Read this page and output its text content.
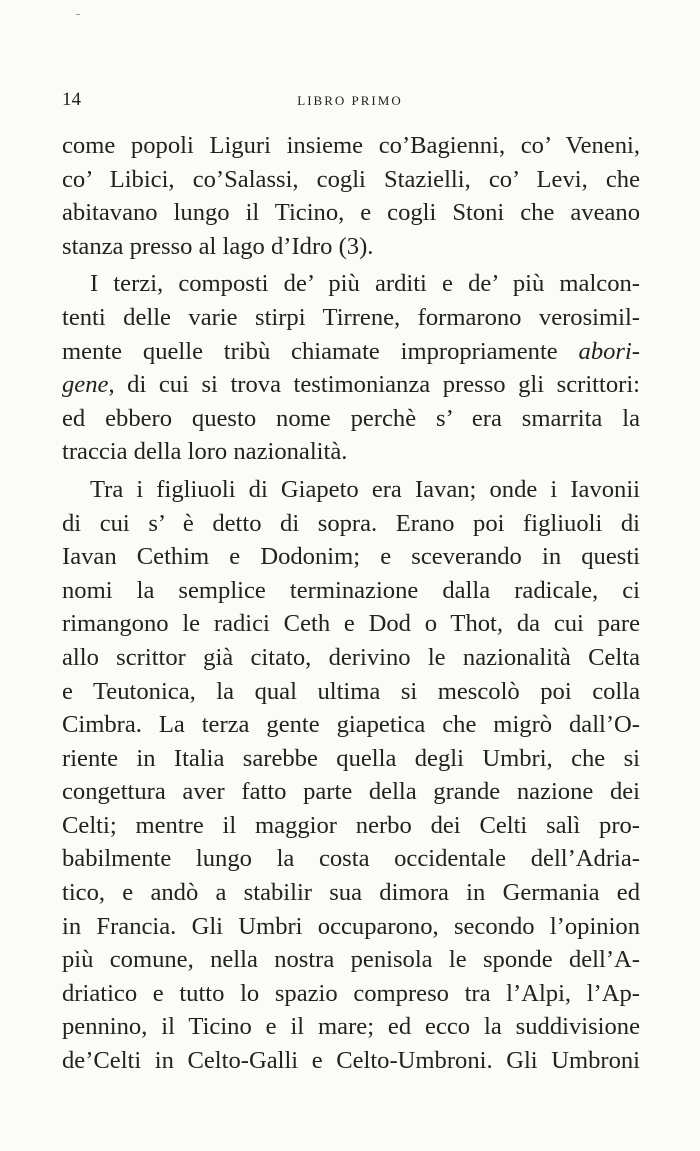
14	LIBRO PRIMO
come popoli Liguri insieme co’Bagienni, co’ Veneni,
co’ Libici, co’Salassi, cogli Stazielli, co’ Levi, che
abitavano lungo il Ticino, e cogli Stoni che aveano
stanza presso al lago d’Idro (3).
I terzi, composti de’ più arditi e de’ più malcon-
tenti delle varie stirpi Tirrene, formarono verosimil-
mente quelle tribù chiamate impropriamente abori-
gene, di cui si trova testimonianza presso gli scrittori:
ed ebbero questo nome perchè s’ era smarrita la
traccia della loro nazionalità.
Tra i figliuoli di Giapeto era Iavan; onde i Iavonii
di cui s’ è detto di sopra. Erano poi figliuoli di
Iavan Cethim e Dodonim; e sceverando in questi
nomi la semplice terminazione dalla radicale, ci
rimangono le radici Ceth e Dod o Thot, da cui pare
allo scrittor già citato, derivino le nazionalità Celta
e Teutonica, la qual ultima si mescolò poi colla
Cimbra. La terza gente giapetica che migrò dall’O-
riente in Italia sarebbe quella degli Umbri, che si
congettura aver fatto parte della grande nazione dei
Celti; mentre il maggior nerbo dei Celti salì pro-
babilmente lungo la costa occidentale dell’Adria-
tico, e andò a stabilir sua dimora in Germania ed
in Francia. Gli Umbri occuparono, secondo l’opinion
più comune, nella nostra penisola le sponde dell’A-
driatico e tutto lo spazio compreso tra l’Alpi, l’Ap-
pennino, il Ticino e il mare; ed ecco la suddivisione
de’Celti in Celto-Galli e Celto-Umbroni. Gli Umbroni
